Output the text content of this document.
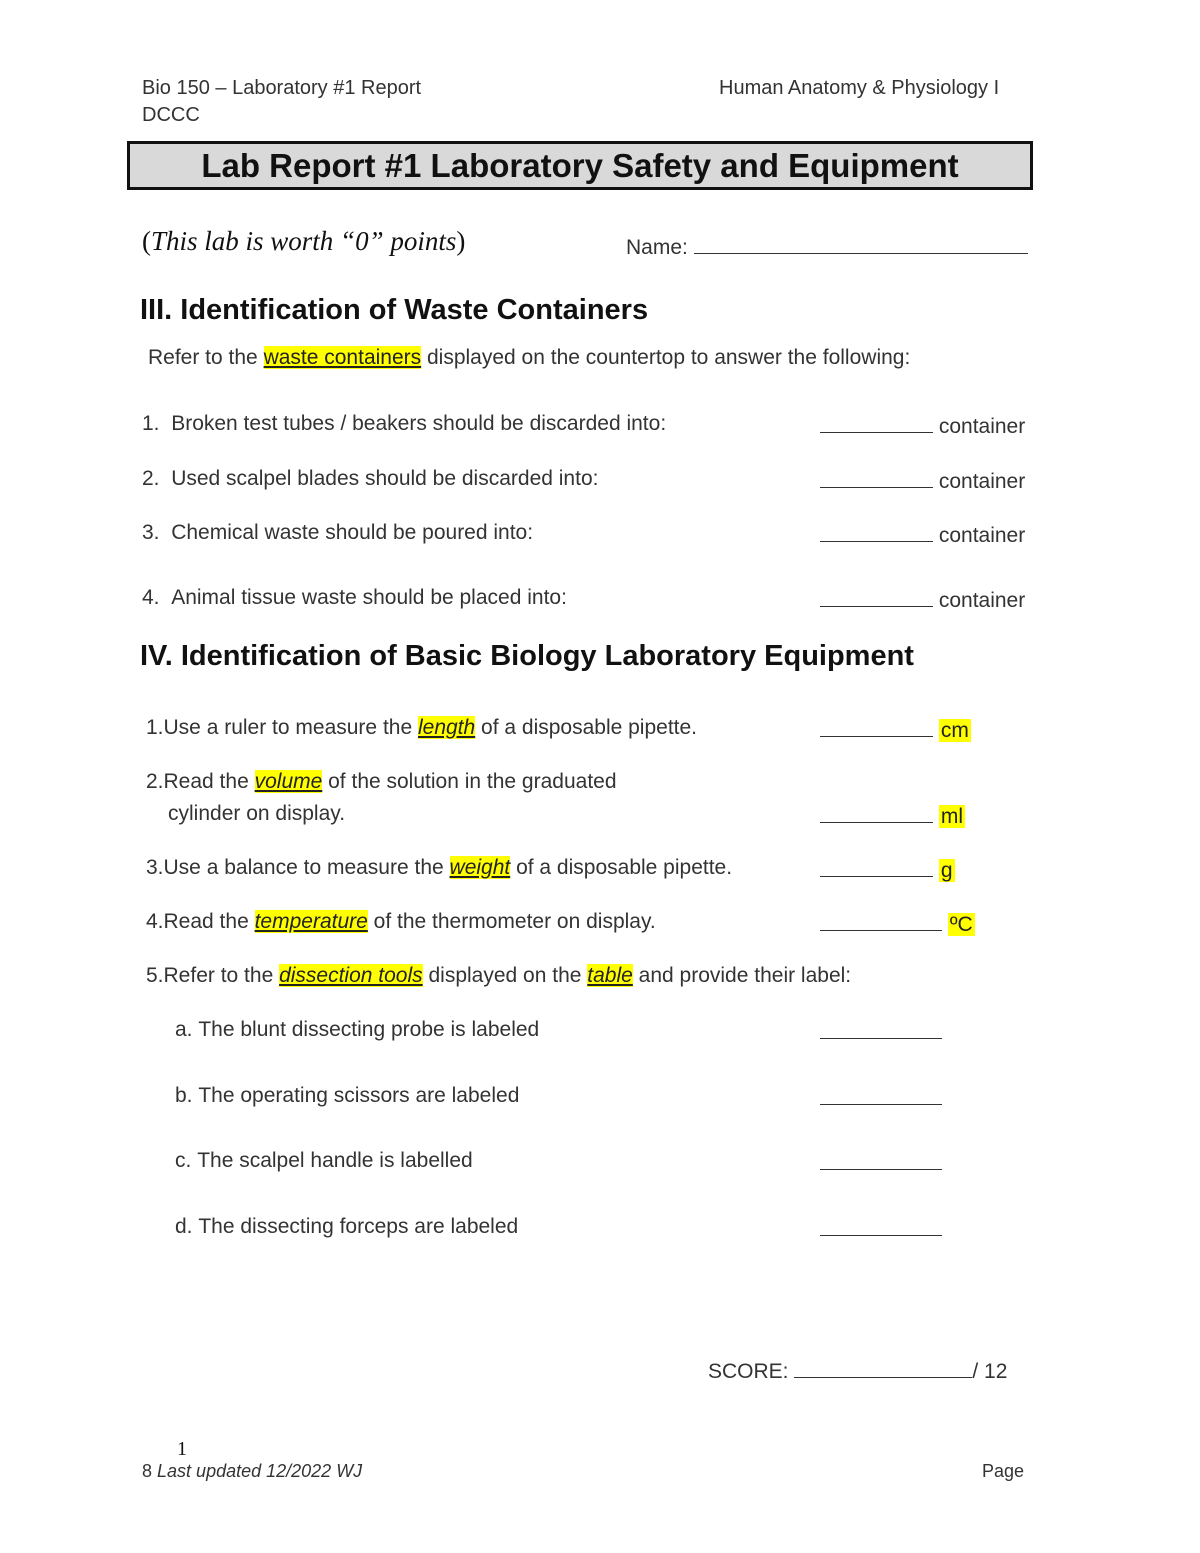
Bio 150 – Laboratory #1 Report
DCCC
Human Anatomy & Physiology I
Lab Report #1 Laboratory Safety and Equipment
(This lab is worth “0” points)	Name:
III. Identification of Waste Containers
Refer to the waste containers displayed on the countertop to answer the following:
1. Broken test tubes / beakers should be discarded into:	container
2. Used scalpel blades should be discarded into:	container
3. Chemical waste should be poured into:	container
4. Animal tissue waste should be placed into:	container
IV. Identification of Basic Biology Laboratory Equipment
1.Use a ruler to measure the length of a disposable pipette.	cm
2.Read the volume of the solution in the graduated
cylinder on display.	ml
3.Use a balance to measure the weight of a disposable pipette.	g
4.Read the temperature of the thermometer on display.	ºC
5.Refer to the dissection tools displayed on the table and provide their label:
a. The blunt dissecting probe is labeled
b. The operating scissors are labeled
c. The scalpel handle is labelled
d. The dissecting forceps are labeled
SCORE:	/ 12
1
8 Last updated 12/2022 WJ	Page
